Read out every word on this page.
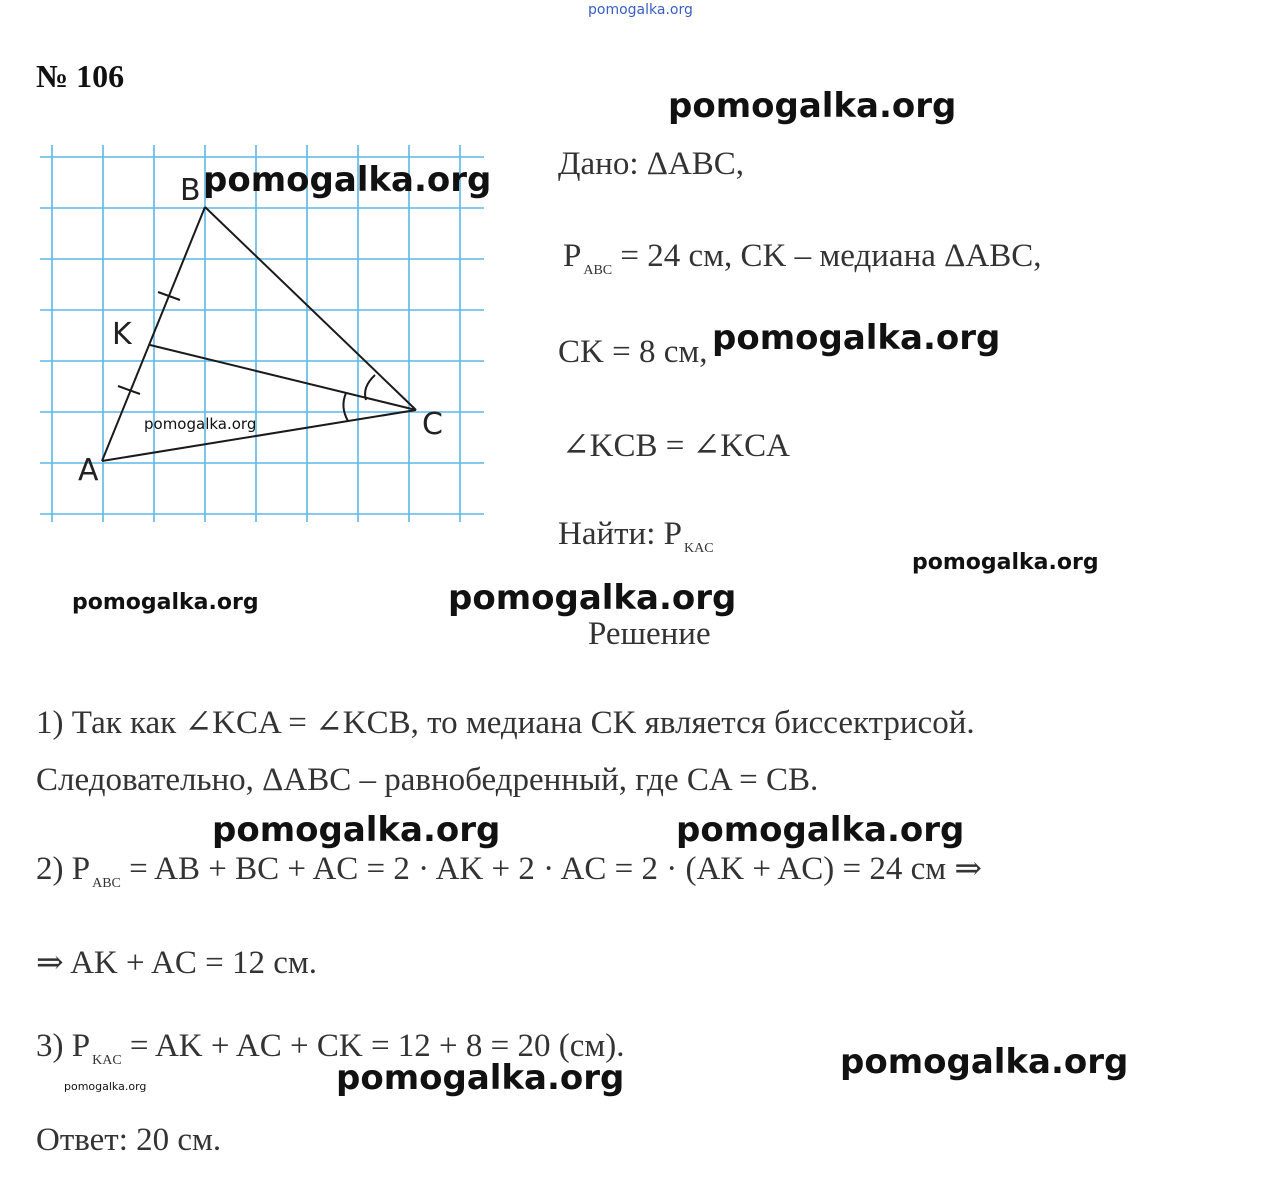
pomogalka.org
№ 106
pomogalka.org
A
B
C
K
pomogalka.org
pomogalka.org
Дано: ΔABC,
P $_{ABC}$ = 24 см, CK – медиана ΔABC,
CK = 8 см, pomogalka.org
∠KCB = ∠KCA
Найти: P $_{KAC}$
pomogalka.org
pomogalka.org	pomogalka.org
Решение
1) Так как ∠KCA = ∠KCB, то медиана CK является биссектрисой.
Следовательно, ΔABC – равнобедренный, где CA = CB.
pomogalka.org	pomogalka.org
2) P $_{ABC}$ = AB + BC + AC = 2 · AK + 2 · AC = 2 · (AK + AC) = 24 см ⇒
⇒ AK + AC = 12 см.
3) P $_{KAC}$ = AK + AC + CK = 12 + 8 = 20 (см).
pomogalka.org	pomogalka.org	pomogalka.org
Ответ: 20 см.
